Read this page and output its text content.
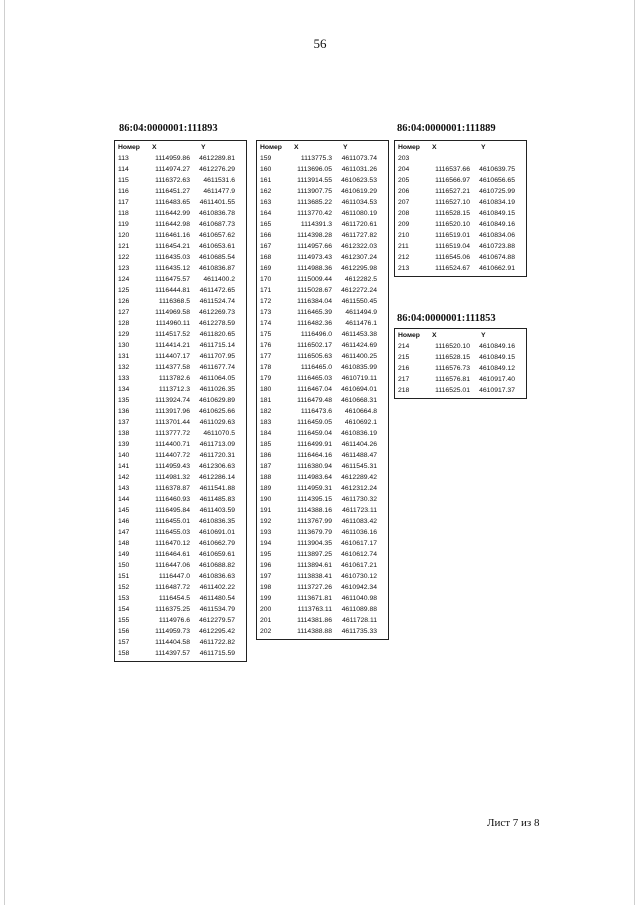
56
86:04:0000001:111893	86:04:0000001:111889
86:04:0000001:111853
Номер	X	Y
113	1114959.86	4612289.81
114	1114974.27	4612276.29
115	1116372.63	4611531.6
116	1116451.27	4611477.9
117	1116483.65	4611401.55
118	1116442.99	4610836.78
119	1116442.98	4610687.73
120	1116461.16	4610657.62
121	1116454.21	4610653.61
122	1116435.03	4610685.54
123	1116435.12	4610836.87
124	1116475.57	4611400.2
125	1116444.81	4611472.65
126	1116368.5	4611524.74
127	1114969.58	4612269.73
128	1114960.11	4612278.59
129	1114517.52	4611820.65
130	1114414.21	4611715.14
131	1114407.17	4611707.95
132	1114377.58	4611677.74
133	1113782.6	4611064.05
134	1113712.3	4611026.35
135	1113924.74	4610629.89
136	1113917.96	4610625.66
137	1113701.44	4611029.63
138	1113777.72	4611070.5
139	1114400.71	4611713.09
140	1114407.72	4611720.31
141	1114959.43	4612306.63
142	1114981.32	4612286.14
143	1116378.87	4611541.88
144	1116460.93	4611485.83
145	1116495.84	4611403.59
146	1116455.01	4610836.35
147	1116455.03	4610691.01
148	1116470.12	4610662.79
149	1116464.61	4610659.61
150	1116447.06	4610688.82
151	1116447.0	4610836.63
152	1116487.72	4611402.22
153	1116454.5	4611480.54
154	1116375.25	4611534.79
155	1114976.6	4612279.57
156	1114959.73	4612295.42
157	1114404.58	4611722.82
158	1114397.57	4611715.59
Номер	X	Y
159	1113775.3	4611073.74
160	1113696.05	4611031.26
161	1113914.55	4610623.53
162	1113907.75	4610619.29
163	1113685.22	4611034.53
164	1113770.42	4611080.19
165	1114391.3	4611720.61
166	1114398.28	4611727.82
167	1114957.66	4612322.03
168	1114973.43	4612307.24
169	1114988.36	4612295.98
170	1115009.44	4612282.5
171	1115028.67	4612272.24
172	1116384.04	4611550.45
173	1116465.39	4611494.9
174	1116482.36	4611476.1
175	1116496.0	4611453.38
176	1116502.17	4611424.69
177	1116505.63	4611400.25
178	1116465.0	4610835.99
179	1116465.03	4610719.11
180	1116467.04	4610694.01
181	1116479.48	4610668.31
182	1116473.6	4610664.8
183	1116459.05	4610692.1
184	1116459.04	4610836.19
185	1116499.91	4611404.26
186	1116464.16	4611488.47
187	1116380.94	4611545.31
188	1114983.64	4612289.42
189	1114959.31	4612312.24
190	1114395.15	4611730.32
191	1114388.16	4611723.11
192	1113767.99	4611083.42
193	1113679.79	4611036.16
194	1113904.35	4610617.17
195	1113897.25	4610612.74
196	1113894.61	4610617.21
197	1113838.41	4610730.12
198	1113727.26	4610942.34
199	1113671.81	4611040.98
200	1113763.11	4611089.88
201	1114381.86	4611728.11
202	1114388.88	4611735.33
Номер	X	Y
203
204	1116537.66	4610639.75
205	1116566.97	4610656.65
206	1116527.21	4610725.99
207	1116527.10	4610834.19
208	1116528.15	4610849.15
209	1116520.10	4610849.16
210	1116519.01	4610834.06
211	1116519.04	4610723.88
212	1116545.06	4610674.88
213	1116524.67	4610662.91
Номер	X	Y
214	1116520.10	4610849.16
215	1116528.15	4610849.15
216	1116576.73	4610849.12
217	1116576.81	4610917.40
218	1116525.01	4610917.37
Лист 7 из 8
